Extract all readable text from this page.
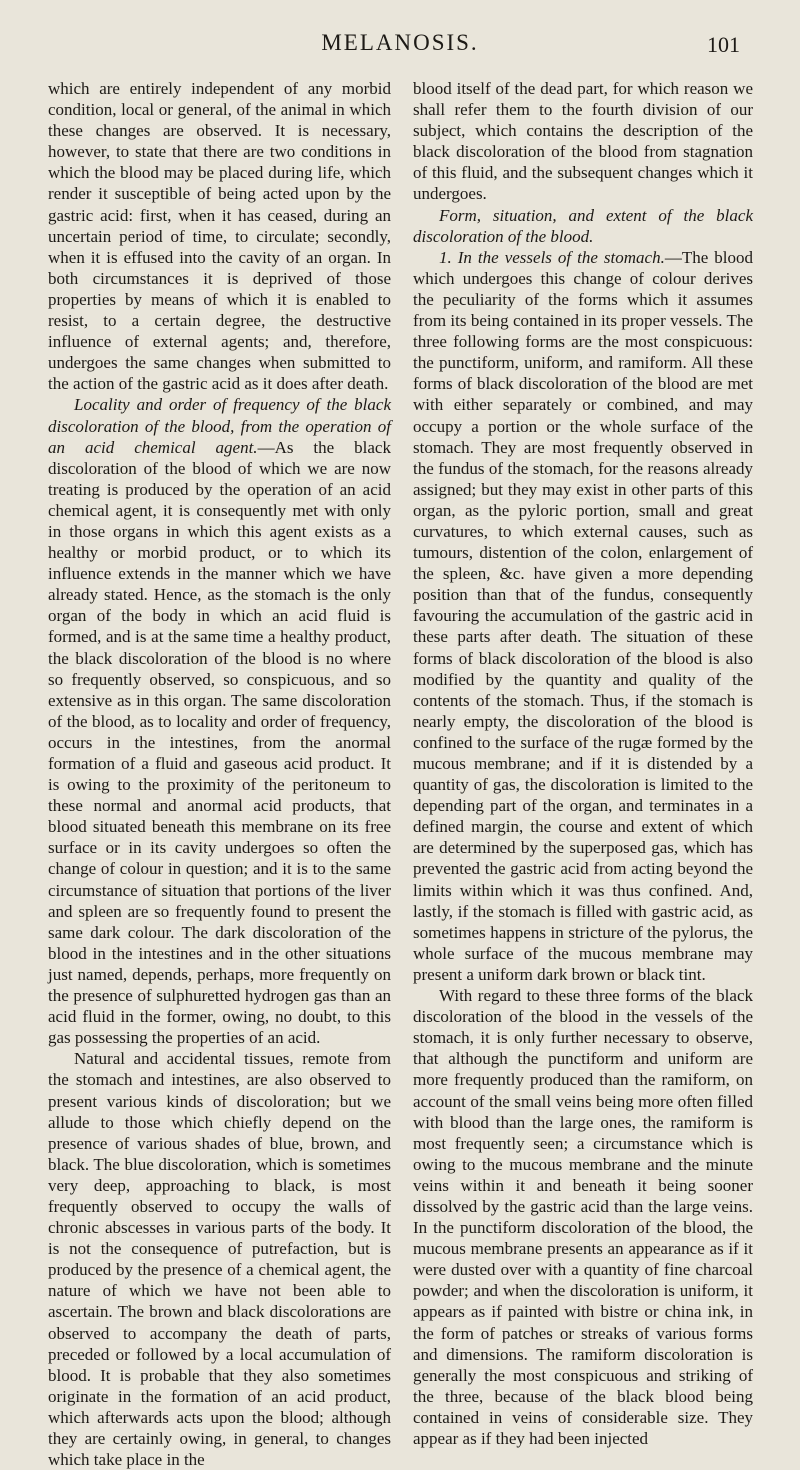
MELANOSIS.	101

which are entirely independent of any morbid condition, local or general, of the animal in which these changes are observed. It is necessary, however, to state that there are two conditions in which the blood may be placed during life, which render it susceptible of being acted upon by the gastric acid: first, when it has ceased, during an uncertain period of time, to circulate; secondly, when it is effused into the cavity of an organ. In both circumstances it is deprived of those properties by means of which it is enabled to resist, to a certain degree, the destructive influence of external agents; and, therefore, undergoes the same changes when submitted to the action of the gastric acid as it does after death.

Locality and order of frequency of the black discoloration of the blood, from the operation of an acid chemical agent.—As the black discoloration of the blood of which we are now treating is produced by the operation of an acid chemical agent, it is consequently met with only in those organs in which this agent exists as a healthy or morbid product, or to which its influence extends in the manner which we have already stated. Hence, as the stomach is the only organ of the body in which an acid fluid is formed, and is at the same time a healthy product, the black discoloration of the blood is no where so frequently observed, so conspicuous, and so extensive as in this organ. The same discoloration of the blood, as to locality and order of frequency, occurs in the intestines, from the anormal formation of a fluid and gaseous acid product. It is owing to the proximity of the peritoneum to these normal and anormal acid products, that blood situated beneath this membrane on its free surface or in its cavity undergoes so often the change of colour in question; and it is to the same circumstance of situation that portions of the liver and spleen are so frequently found to present the same dark colour. The dark discoloration of the blood in the intestines and in the other situations just named, depends, perhaps, more frequently on the presence of sulphuretted hydrogen gas than an acid fluid in the former, owing, no doubt, to this gas possessing the properties of an acid.

Natural and accidental tissues, remote from the stomach and intestines, are also observed to present various kinds of discoloration; but we allude to those which chiefly depend on the presence of various shades of blue, brown, and black. The blue discoloration, which is sometimes very deep, approaching to black, is most frequently observed to occupy the walls of chronic abscesses in various parts of the body. It is not the consequence of putrefaction, but is produced by the presence of a chemical agent, the nature of which we have not been able to ascertain. The brown and black discolorations are observed to accompany the death of parts, preceded or followed by a local accumulation of blood. It is probable that they also sometimes originate in the formation of an acid product, which afterwards acts upon the blood; although they are certainly owing, in general, to changes which take place in the

blood itself of the dead part, for which reason we shall refer them to the fourth division of our subject, which contains the description of the black discoloration of the blood from stagnation of this fluid, and the subsequent changes which it undergoes.

Form, situation, and extent of the black discoloration of the blood.

1. In the vessels of the stomach.—The blood which undergoes this change of colour derives the peculiarity of the forms which it assumes from its being contained in its proper vessels. The three following forms are the most conspicuous: the punctiform, uniform, and ramiform. All these forms of black discoloration of the blood are met with either separately or combined, and may occupy a portion or the whole surface of the stomach. They are most frequently observed in the fundus of the stomach, for the reasons already assigned; but they may exist in other parts of this organ, as the pyloric portion, small and great curvatures, to which external causes, such as tumours, distention of the colon, enlargement of the spleen, &c. have given a more depending position than that of the fundus, consequently favouring the accumulation of the gastric acid in these parts after death. The situation of these forms of black discoloration of the blood is also modified by the quantity and quality of the contents of the stomach. Thus, if the stomach is nearly empty, the discoloration of the blood is confined to the surface of the rugæ formed by the mucous membrane; and if it is distended by a quantity of gas, the discoloration is limited to the depending part of the organ, and terminates in a defined margin, the course and extent of which are determined by the superposed gas, which has prevented the gastric acid from acting beyond the limits within which it was thus confined. And, lastly, if the stomach is filled with gastric acid, as sometimes happens in stricture of the pylorus, the whole surface of the mucous membrane may present a uniform dark brown or black tint.

With regard to these three forms of the black discoloration of the blood in the vessels of the stomach, it is only further necessary to observe, that although the punctiform and uniform are more frequently produced than the ramiform, on account of the small veins being more often filled with blood than the large ones, the ramiform is most frequently seen; a circumstance which is owing to the mucous membrane and the minute veins within it and beneath it being sooner dissolved by the gastric acid than the large veins. In the punctiform discoloration of the blood, the mucous membrane presents an appearance as if it were dusted over with a quantity of fine charcoal powder; and when the discoloration is uniform, it appears as if painted with bistre or china ink, in the form of patches or streaks of various forms and dimensions. The ramiform discoloration is generally the most conspicuous and striking of the three, because of the black blood being contained in veins of considerable size. They appear as if they had been injected
